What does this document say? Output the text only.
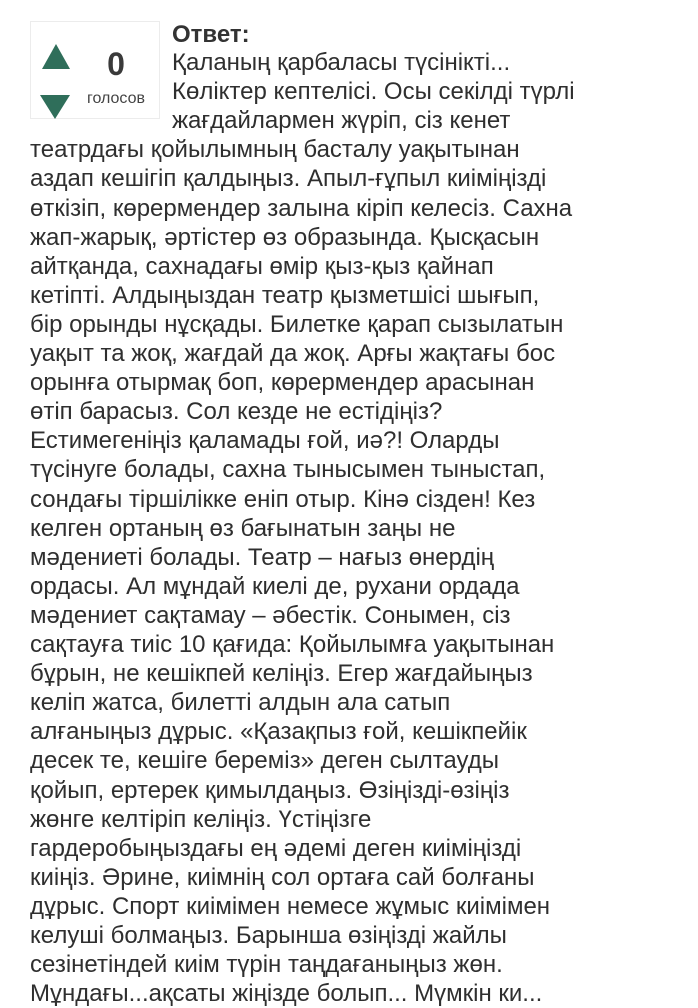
0
голосов
Ответ:
Қаланың қарбаласы түсінікті...
Көліктер кептелісі. Осы секілді түрлі
жағдайлармен жүріп, сіз кенет
театрдағы қойылымның басталу уақытынан
аздап кешігіп қалдыңыз. Апыл-ғұпыл киіміңізді
өткізіп, көрермендер залына кіріп келесіз. Сахна
жап-жарық, әртістер өз образында. Қысқасын
айтқанда, сахнадағы өмір қыз-қыз қайнап
кетіпті. Алдыңыздан театр қызметшісі шығып,
бір орынды нұсқады. Билетке қарап сызылатын
уақыт та жоқ, жағдай да жоқ. Арғы жақтағы бос
орынға отырмақ боп, көрермендер арасынан
өтіп барасыз. Сол кезде не естідіңіз?
Естимегеніңіз қаламады ғой, иә?! Оларды
түсінуге болады, сахна тынысымен тыныстап,
сондағы тіршілікке еніп отыр. Кінә сізден! Кез
келген ортаның өз бағынатын заңы не
мәдениеті болады. Театр – нағыз өнердің
ордасы. Ал мұндай киелі де, рухани ордада
мәдениет сақтамау – әбестік. Сонымен, сіз
сақтауға тиіс 10 қағида: Қойылымға уақытынан
бұрын, не кешікпей келіңіз. Егер жағдайыңыз
келіп жатса, билетті алдын ала сатып
алғаныңыз дұрыс. «Қазақпыз ғой, кешікпейік
десек те, кешіге береміз» деген сылтауды
қойып, ертерек қимылдаңыз. Өзіңізді-өзіңіз
жөнге келтіріп келіңіз. Үстіңізге
гардеробыңыздағы ең әдемі деген киіміңізді
киіңіз. Әрине, киімнің сол ортаға сай болғаны
дұрыс. Спорт киімімен немесе жұмыс киімімен
келуші болмаңыз. Барынша өзіңізді жайлы
сезінетіндей киім түрін таңдағаныңыз жөн.
Мұндағы...ақсаты жіңізде болып... Мүмкін ки...
